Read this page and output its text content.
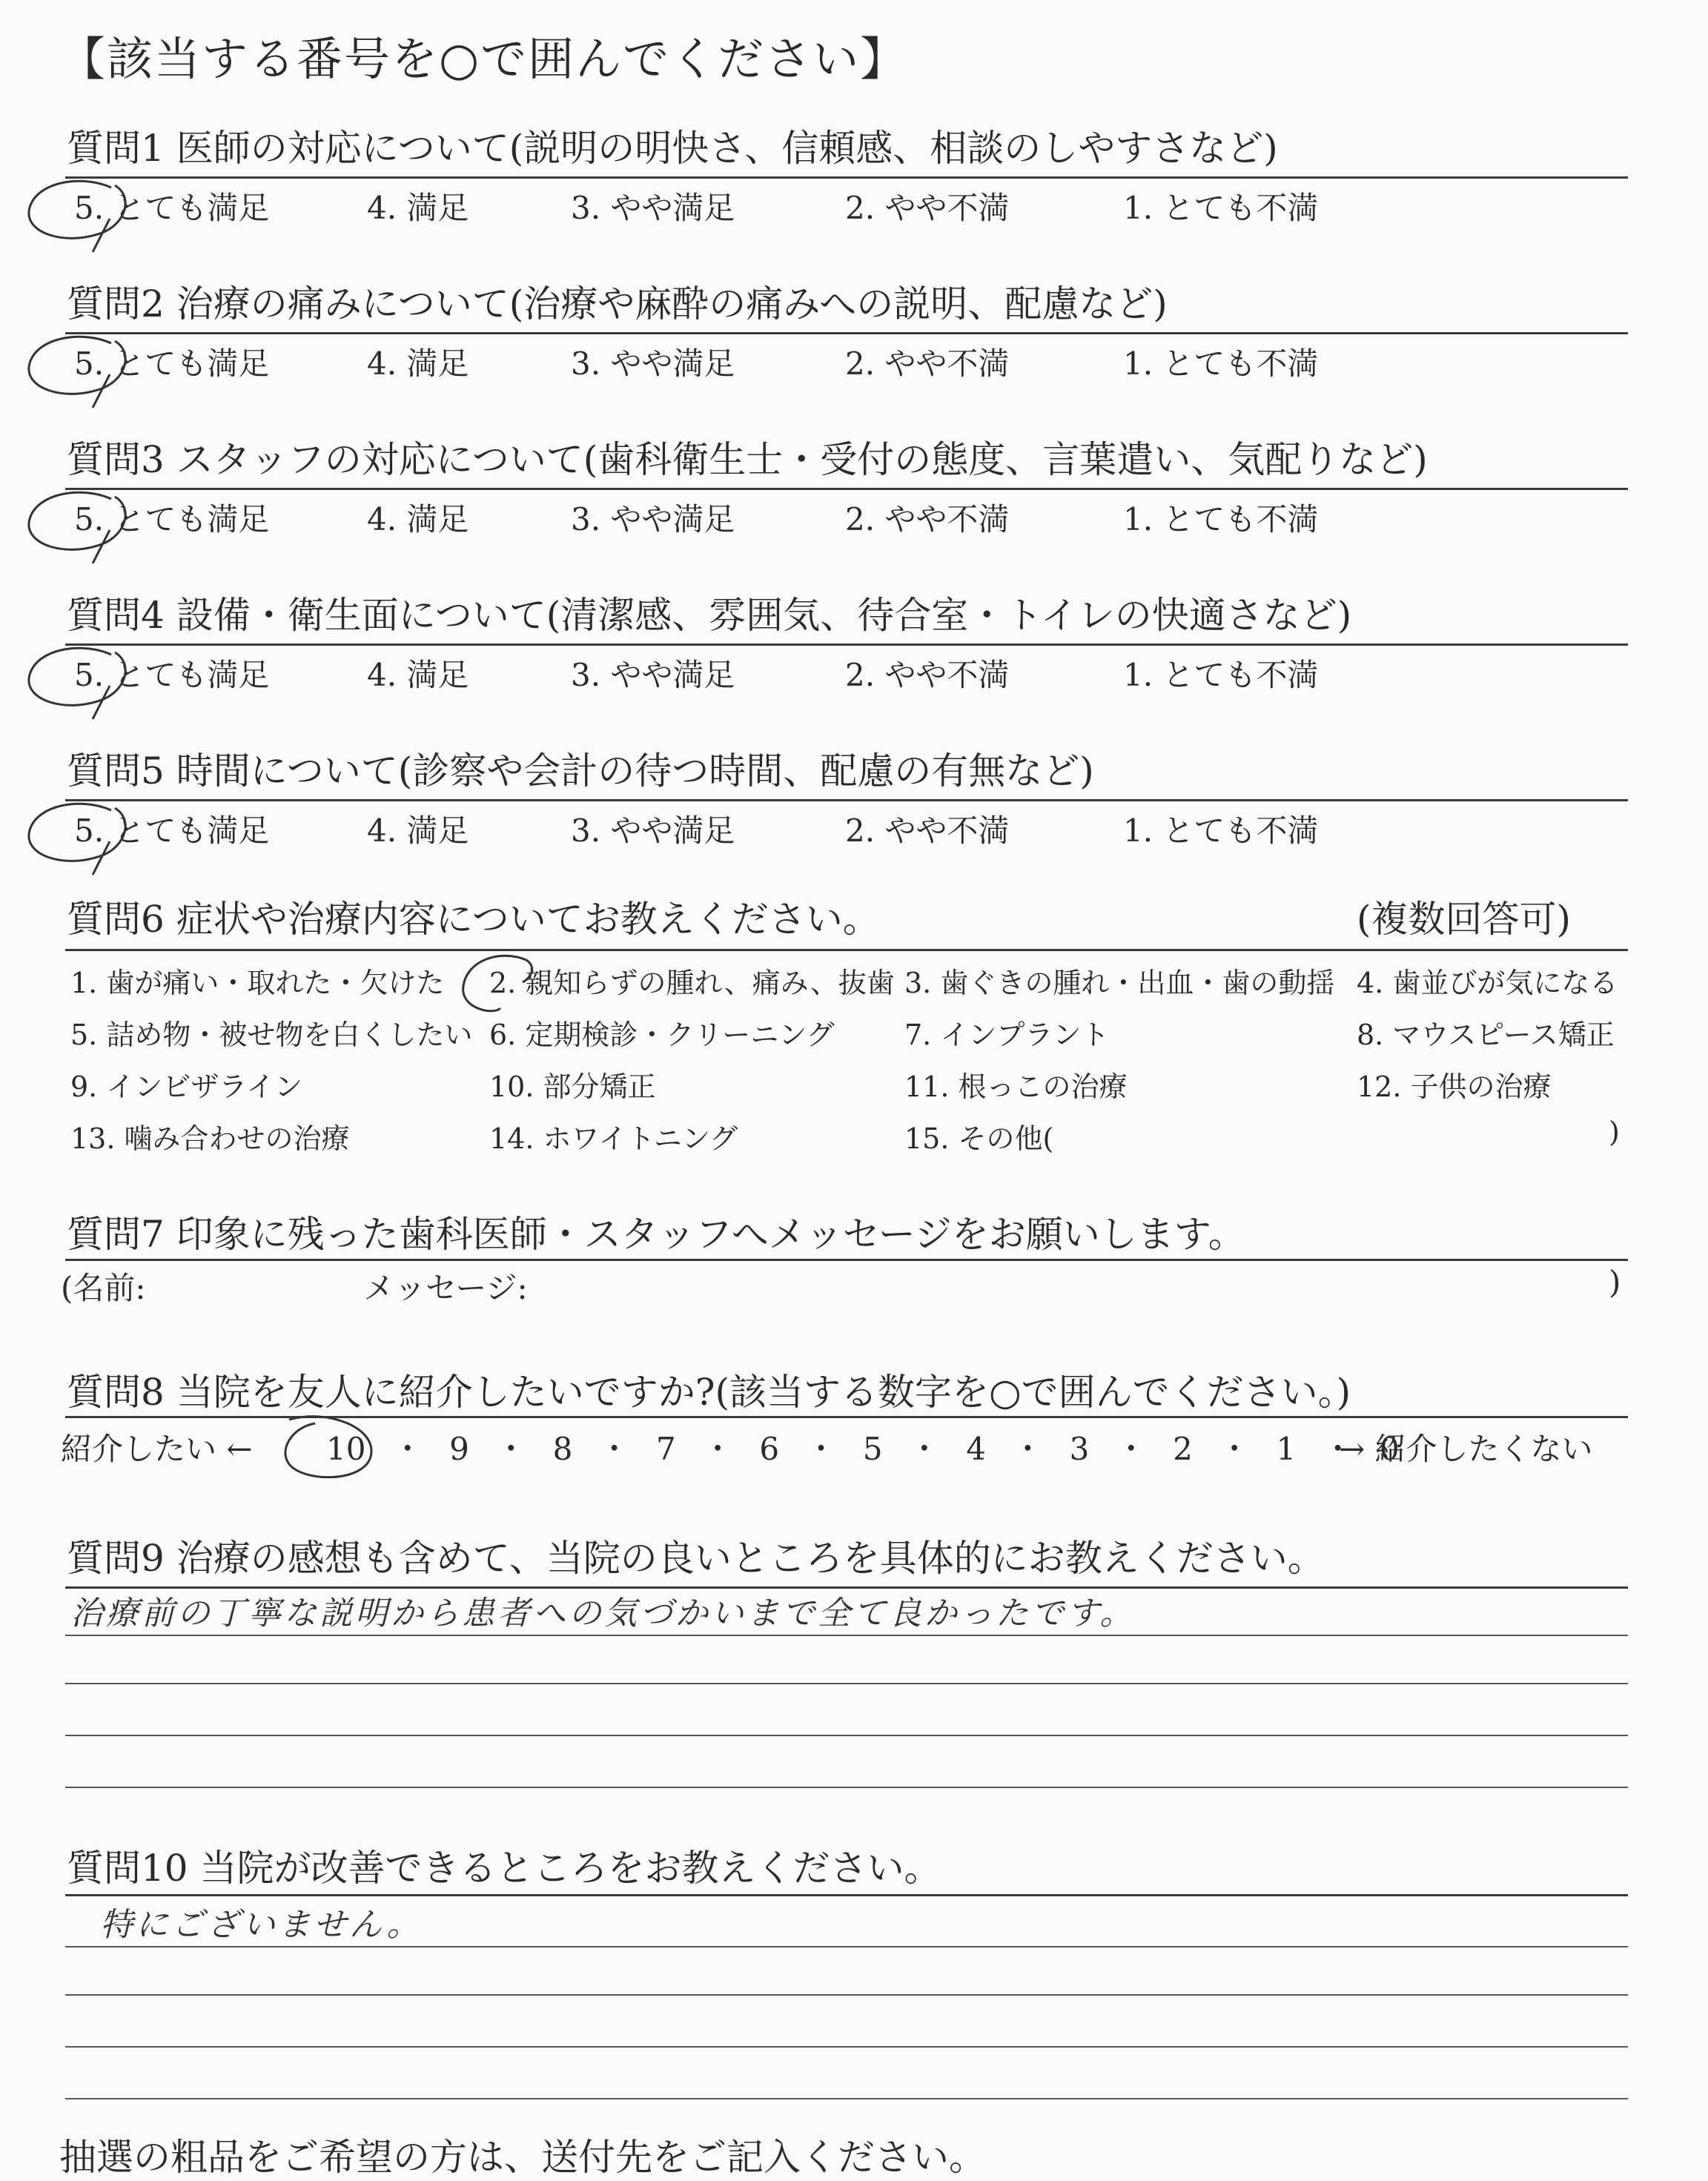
【該当する番号を○で囲んでください】
質問1 医師の対応について(説明の明快さ、信頼感、相談のしやすさなど)
5. とても満足	4. 満足	3. やや満足	2. やや不満	1. とても不満
質問2 治療の痛みについて(治療や麻酔の痛みへの説明、配慮など)
5. とても満足	4. 満足	3. やや満足	2. やや不満	1. とても不満
質問3 スタッフの対応について(歯科衛生士・受付の態度、言葉遣い、気配りなど)
5. とても満足	4. 満足	3. やや満足	2. やや不満	1. とても不満
質問4 設備・衛生面について(清潔感、雰囲気、待合室・トイレの快適さなど)
5. とても満足	4. 満足	3. やや満足	2. やや不満	1. とても不満
質問5 時間について(診察や会計の待つ時間、配慮の有無など)
5. とても満足	4. 満足	3. やや満足	2. やや不満	1. とても不満
質問6 症状や治療内容についてお教えください。	(複数回答可)
1. 歯が痛い・取れた・欠けた 2. 親知らずの腫れ、痛み、抜歯 3. 歯ぐきの腫れ・出血・歯の動揺 4. 歯並びが気になる
5. 詰め物・被せ物を白くしたい 6. 定期検診・クリーニング 7. インプラント	8. マウスピース矯正
9. インビザライン	10. 部分矯正	11. 根っこの治療	12. 子供の治療
13. 噛み合わせの治療	14. ホワイトニング	15. その他(	)
質問7 印象に残った歯科医師・スタッフへメッセージをお願いします。
(名前:	メッセージ:	)
質問8 当院を友人に紹介したいですか?(該当する数字を○で囲んでください。)
紹介したい ← 10 ・ 9 ・ 8 ・ 7 ・ 6 ・ 5 ・ 4 ・ 3 ・ 2 ・ 1 ・ 0
→ 紹介したくない
質問9 治療の感想も含めて、当院の良いところを具体的にお教えください。
治療前の丁寧な説明から患者への気づかいまで全て良かったです。
質問10 当院が改善できるところをお教えください。
特にございません。
抽選の粗品をご希望の方は、送付先をご記入ください。
